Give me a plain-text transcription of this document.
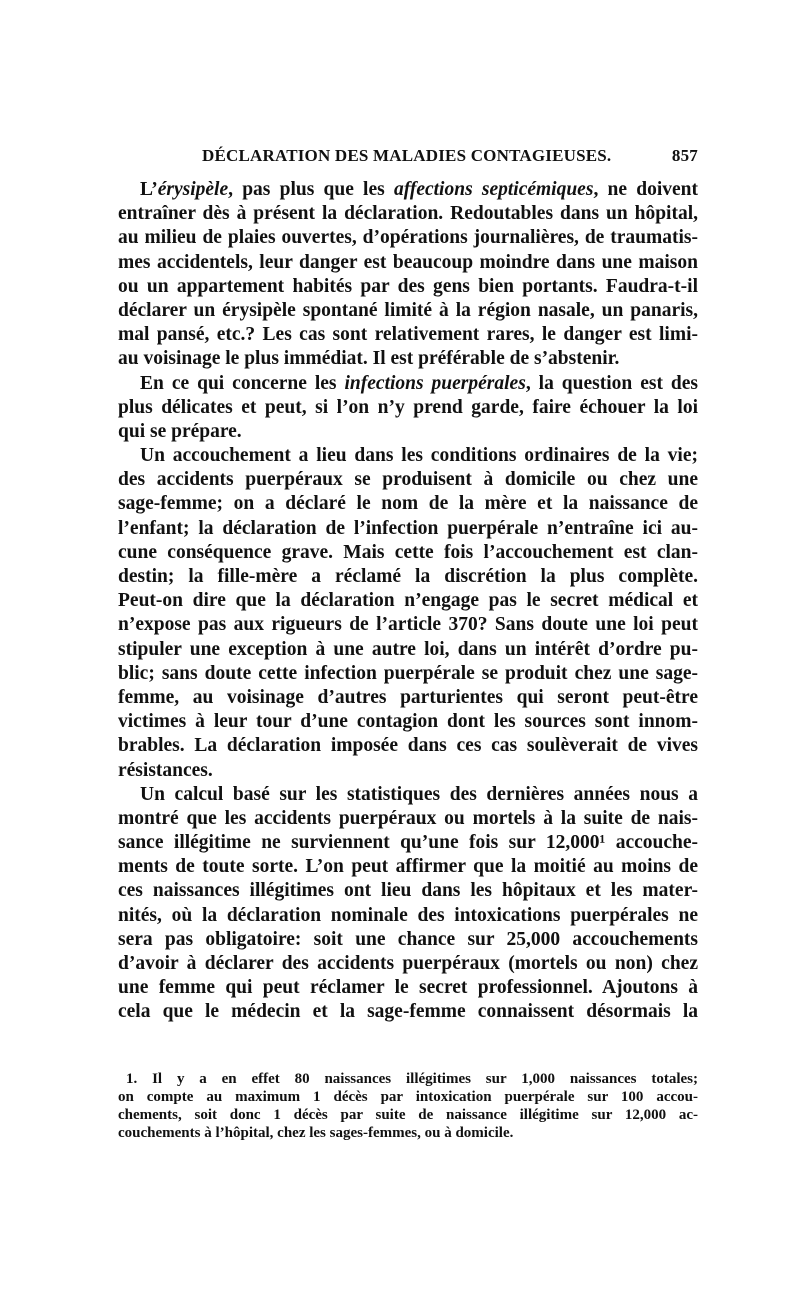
DÉCLARATION DES MALADIES CONTAGIEUSES.	857
L’érysipèle, pas plus que les affections septicémiques, ne doivent
entraîner dès à présent la déclaration. Redoutables dans un hôpital,
au milieu de plaies ouvertes, d’opérations journalières, de traumatis-
mes accidentels, leur danger est beaucoup moindre dans une maison
ou un appartement habités par des gens bien portants. Faudra-t-il
déclarer un érysipèle spontané limité à la région nasale, un panaris,
mal pansé, etc.? Les cas sont relativement rares, le danger est limi-
au voisinage le plus immédiat. Il est préférable de s’abstenir.
En ce qui concerne les infections puerpérales, la question est des
plus délicates et peut, si l’on n’y prend garde, faire échouer la loi
qui se prépare.
Un accouchement a lieu dans les conditions ordinaires de la vie;
des accidents puerpéraux se produisent à domicile ou chez une
sage-femme; on a déclaré le nom de la mère et la naissance de
l’enfant; la déclaration de l’infection puerpérale n’entraîne ici au-
cune conséquence grave. Mais cette fois l’accouchement est clan-
destin; la fille-mère a réclamé la discrétion la plus complète.
Peut-on dire que la déclaration n’engage pas le secret médical et
n’expose pas aux rigueurs de l’article 370? Sans doute une loi peut
stipuler une exception à une autre loi, dans un intérêt d’ordre pu-
blic; sans doute cette infection puerpérale se produit chez une sage-
femme, au voisinage d’autres parturientes qui seront peut-être
victimes à leur tour d’une contagion dont les sources sont innom-
brables. La déclaration imposée dans ces cas soulèverait de vives
résistances.
Un calcul basé sur les statistiques des dernières années nous a
montré que les accidents puerpéraux ou mortels à la suite de nais-
sance illégitime ne surviennent qu’une fois sur 12,000¹ accouche-
ments de toute sorte. L’on peut affirmer que la moitié au moins de
ces naissances illégitimes ont lieu dans les hôpitaux et les mater-
nités, où la déclaration nominale des intoxications puerpérales ne
sera pas obligatoire: soit une chance sur 25,000 accouchements
d’avoir à déclarer des accidents puerpéraux (mortels ou non) chez
une femme qui peut réclamer le secret professionnel. Ajoutons à
cela que le médecin et la sage-femme connaissent désormais la
1. Il y a en effet 80 naissances illégitimes sur 1,000 naissances totales;
on compte au maximum 1 décès par intoxication puerpérale sur 100 accou-
chements, soit donc 1 décès par suite de naissance illégitime sur 12,000 ac-
couchements à l’hôpital, chez les sages-femmes, ou à domicile.
